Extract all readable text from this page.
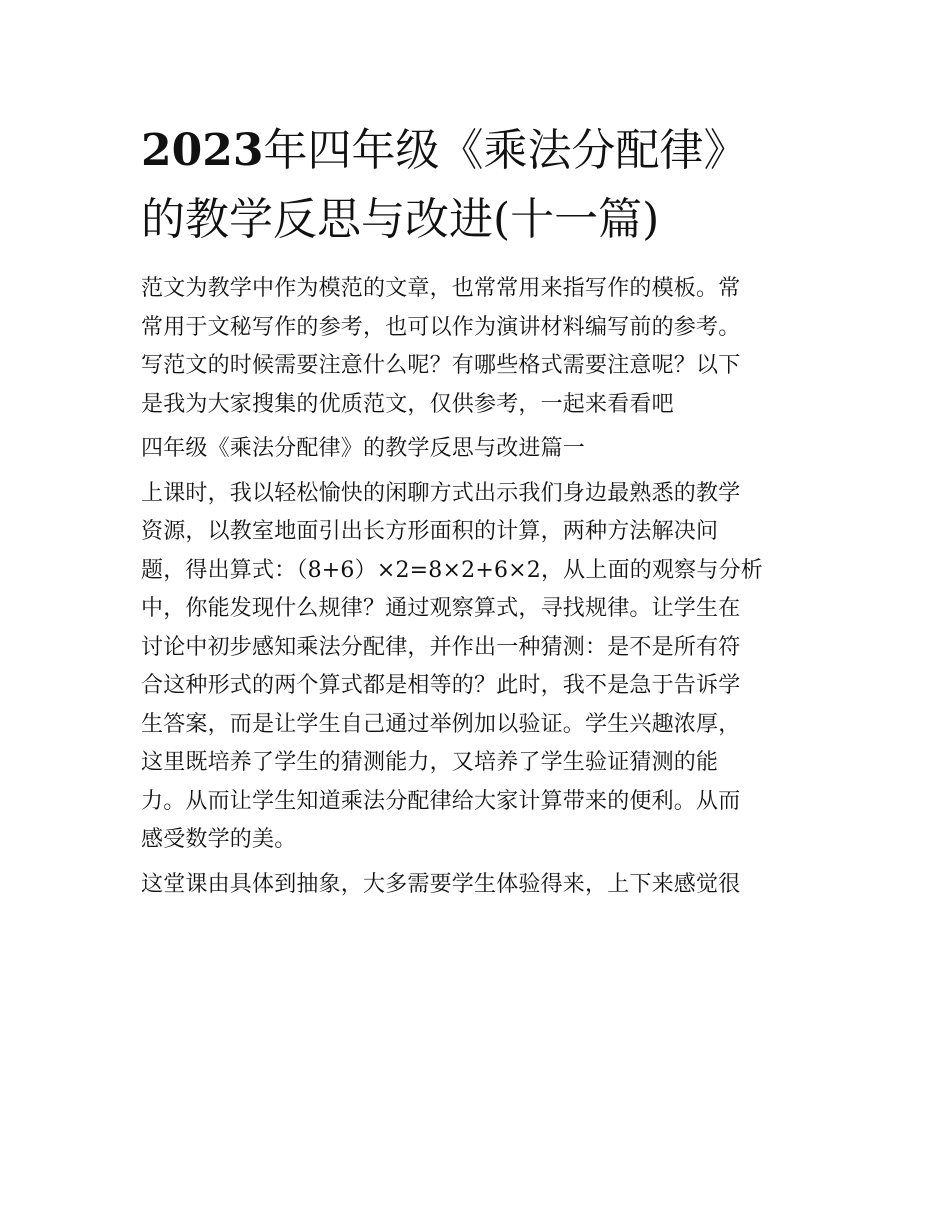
2023年四年级《乘法分配律》
的教学反思与改进(十一篇)
范文为教学中作为模范的文章，也常常用来指写作的模板。常
常用于文秘写作的参考，也可以作为演讲材料编写前的参考。
写范文的时候需要注意什么呢？有哪些格式需要注意呢？以下
是我为大家搜集的优质范文，仅供参考，一起来看看吧
四年级《乘法分配律》的教学反思与改进篇一
上课时，我以轻松愉快的闲聊方式出示我们身边最熟悉的教学
资源，以教室地面引出长方形面积的计算，两种方法解决问
题，得出算式：（8+6）×2=8×2+6×2，从上面的观察与分析
中，你能发现什么规律？通过观察算式，寻找规律。让学生在
讨论中初步感知乘法分配律，并作出一种猜测：是不是所有符
合这种形式的两个算式都是相等的？此时，我不是急于告诉学
生答案，而是让学生自己通过举例加以验证。学生兴趣浓厚，
这里既培养了学生的猜测能力，又培养了学生验证猜测的能
力。从而让学生知道乘法分配律给大家计算带来的便利。从而
感受数学的美。
这堂课由具体到抽象，大多需要学生体验得来，上下来感觉很
